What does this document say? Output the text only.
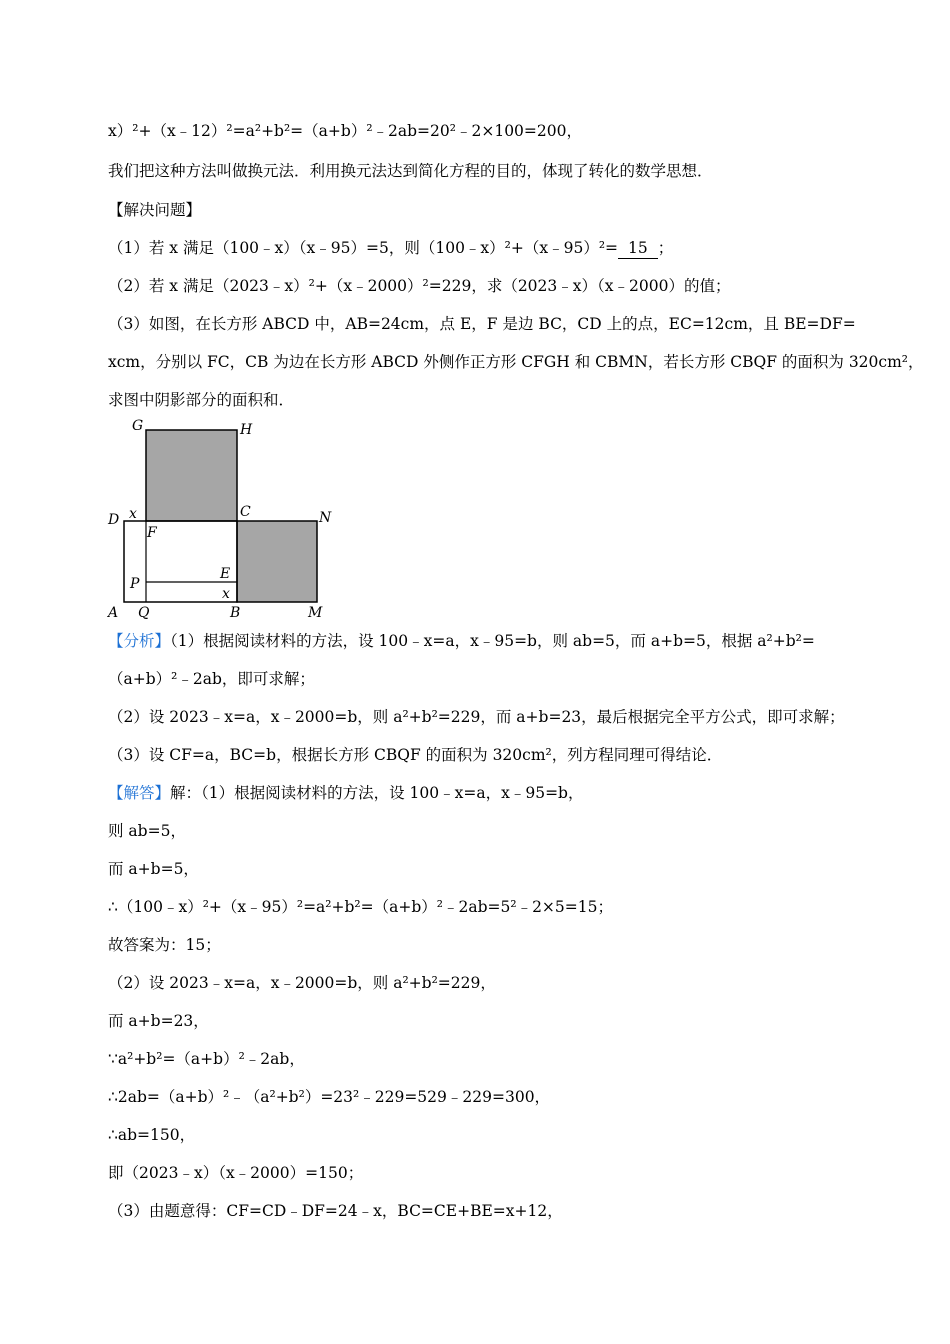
x）²+（x﹣12）²=a²+b²=（a+b）²﹣2ab=20²﹣2×100=200，
我们把这种方法叫做换元法．利用换元法达到简化方程的目的，体现了转化的数学思想．
【解决问题】
（1）若 x 满足（100﹣x）（x﹣95）=5，则（100﹣x）²+（x﹣95）²= 15 ；
（2）若 x 满足（2023﹣x）²+（x﹣2000）²=229，求（2023﹣x）（x﹣2000）的值；
（3）如图，在长方形 ABCD 中，AB=24cm，点 E，F 是边 BC，CD 上的点，EC=12cm，且 BE=DF=
xcm，分别以 FC，CB 为边在长方形 ABCD 外侧作正方形 CFGH 和 CBMN，若长方形 CBQF 的面积为 320cm²，
求图中阴影部分的面积和．
【分析】（1）根据阅读材料的方法，设 100﹣x=a，x﹣95=b，则 ab=5，而 a+b=5，根据 a²+b²=
（a+b）²﹣2ab，即可求解；
（2）设 2023﹣x=a，x﹣2000=b，则 a²+b²=229，而 a+b=23，最后根据完全平方公式，即可求解；
（3）设 CF=a，BC=b，根据长方形 CBQF 的面积为 320cm²，列方程同理可得结论．
【解答】解：（1）根据阅读材料的方法，设 100﹣x=a，x﹣95=b，
则 ab=5，
而 a+b=5，
∴（100﹣x）²+（x﹣95）²=a²+b²=（a+b）²﹣2ab=5²﹣2×5=15；
故答案为：15；
（2）设 2023﹣x=a，x﹣2000=b，则 a²+b²=229，
而 a+b=23，
∵a²+b²=（a+b）²﹣2ab，
∴2ab=（a+b）²﹣（a²+b²）=23²﹣229=529﹣229=300，
∴ab=150，
即（2023﹣x）（x﹣2000）=150；
（3）由题意得：CF=CD﹣DF=24﹣x，BC=CE+BE=x+12，
G	H
D x	C	N
F
E
P
x
A Q	B	M
